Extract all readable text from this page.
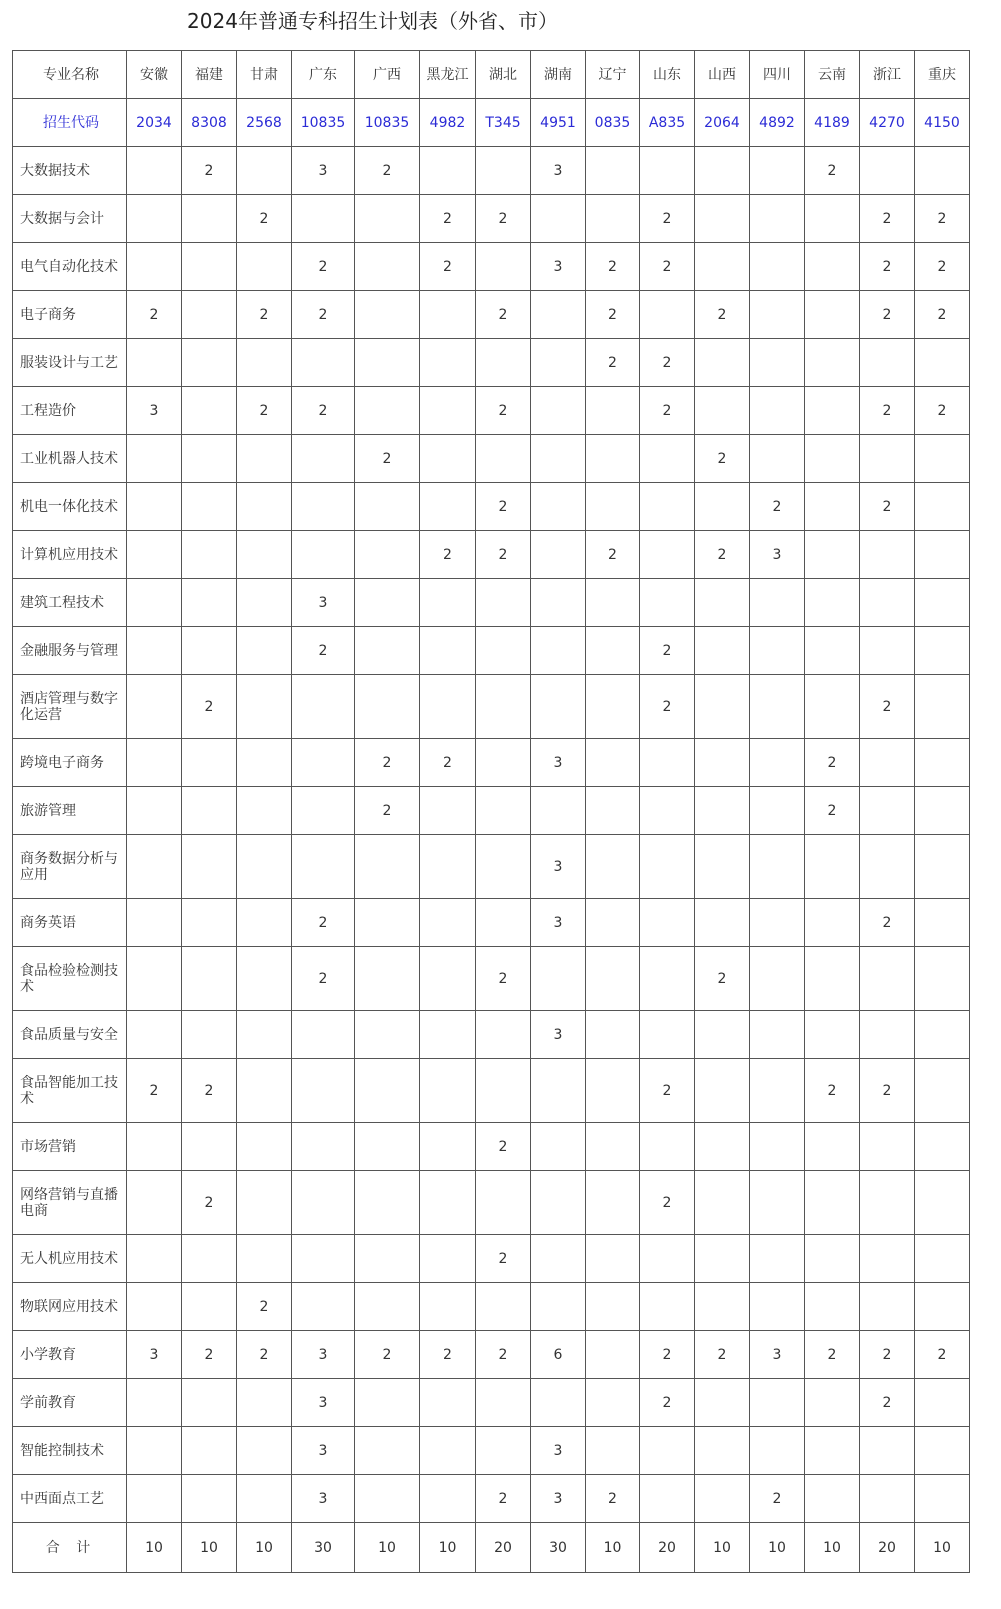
2024年普通专科招生计划表（外省、市）
专业名称	安徽	福建	甘肃	广东	广西	黑龙江	湖北	湖南	辽宁	山东	山西	四川	云南	浙江	重庆
招生代码	2034	8308	2568	10835	10835	4982	T345	4951	0835	A835	2064	4892	4189	4270	4150
大数据技术		2		3	2			3					2		
大数据与会计			2			2	2			2				2	2
电气自动化技术				2		2		3	2	2				2	2
电子商务	2		2	2			2		2		2			2	2
服装设计与工艺									2	2					
工程造价	3		2	2			2			2				2	2
工业机器人技术					2						2				
机电一体化技术							2					2		2	
计算机应用技术						2	2		2		2	3			
建筑工程技术				3											
金融服务与管理				2						2					
酒店管理与数字化运营		2								2				2	
跨境电子商务					2	2		3					2		
旅游管理					2								2		
商务数据分析与应用								3							
商务英语				2				3						2	
食品检验检测技术				2			2				2				
食品质量与安全								3							
食品智能加工技术	2	2								2			2	2	
市场营销							2								
网络营销与直播电商		2								2					
无人机应用技术							2								
物联网应用技术			2												
小学教育	3	2	2	3	2	2	2	6		2	2	3	2	2	2
学前教育				3						2				2	
智能控制技术				3				3							
中西面点工艺				3			2	3	2			2			
合 计	10	10	10	30	10	10	20	30	10	20	10	10	10	20	10
